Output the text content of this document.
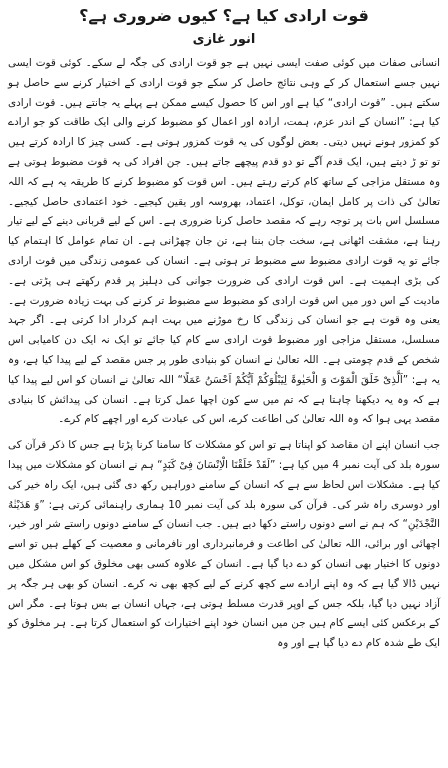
قوت ارادی کیا ہے؟ کیوں ضروری ہے؟
انور غازی

انسانی صفات میں کوئی صفت ایسی نہیں ہے جو قوت ارادی کی جگہ لے سکے۔ کوئی قوت ایسی نہیں جسے استعمال کر کے وہی نتائج حاصل کر سکے جو قوت ارادی کے اختیار کرنے سے حاصل ہو سکتے ہیں۔ ”قوت ارادی“ کیا ہے اور اس کا حصول کیسے ممکن ہے پہلے یہ جانتے ہیں۔ قوت ارادی کیا ہے: ”انسان کے اندر عزم، ہمت، ارادہ اور اعمال کو مضبوط کرنے والی ایک طاقت کو جو ارادے کو کمزور ہونے نہیں دیتی۔ بعض لوگوں کی یہ قوت کمزور ہوتی ہے۔ کسی چیز کا ارادہ کرتے ہیں تو تو ڑ دیتے ہیں، ایک قدم آگے تو دو قدم پیچھے جاتے ہیں۔ جن افراد کی یہ قوت مضبوط ہوتی ہے وہ مستقل مزاجی کے ساتھ کام کرتے رہتے ہیں۔ اس قوت کو مضبوط کرنے کا طریقہ یہ ہے کہ اللہ تعالیٰ کی ذات پر کامل ایمان، توکل، اعتماد، بھروسہ اور یقین کیجیے۔ خود اعتمادی حاصل کیجیے۔ مسلسل اس بات پر توجہ رہے کہ مقصد حاصل کرنا ضروری ہے۔ اس کے لیے قربانی دینے کے لیے تیار رہنا ہے، مشقت اٹھانی ہے، سخت جان بننا ہے، تن جان چھڑانی ہے۔ ان تمام عوامل کا اہتمام کیا جائے تو یہ قوت ارادی مضبوط سے مضبوط تر ہوتی ہے۔ انسان کی عمومی زندگی میں قوت ارادی کی بڑی اہمیت ہے۔ اس قوت ارادی کی ضرورت جوانی کی دہلیز پر قدم رکھتے ہی پڑتی ہے۔ مادیت کے اس دور میں اس قوت ارادی کو مضبوط سے مضبوط تر کرنے کی بہت زیادہ ضرورت ہے۔ یعنی وہ قوت ہے جو انسان کی زندگی کا رخ موڑنے میں بہت اہم کردار ادا کرتی ہے۔ اگر جہد مسلسل، مستقل مزاجی اور مضبوط قوت ارادی سے کام کیا جائے تو ایک نہ ایک دن کامیابی اس شخص کے قدم چومتی ہے۔ اللہ تعالیٰ نے انسان کو بنیادی طور پر جس مقصد کے لیے پیدا کیا ہے، وہ یہ ہے: ”اَلَّذِیْ خَلَقَ الْمَوْتَ وَ الْحَیٰوۃَ لِیَبْلُوَکُمْ اَیُّکُمْ اَحْسَنُ عَمَلًا“ اللہ تعالیٰ نے انسان کو اس لیے پیدا کیا ہے کہ وہ یہ دیکھنا چاہتا ہے کہ تم میں سے کون اچھا عمل کرتا ہے۔ انسان کی پیدائش کا بنیادی مقصد یہی ہوا کہ وہ اللہ تعالیٰ کی اطاعت کرے، اس کی عبادت کرے اور اچھے کام کرے۔

جب انسان اپنے ان مقاصد کو اپناتا ہے تو اس کو مشکلات کا سامنا کرنا پڑتا ہے جس کا ذکر قرآن کی سورہ بلد کی آیت نمبر 4 میں کیا ہے: ”لَقَدْ خَلَقْنَا الْاِنْسَانَ فِیْ کَبَدٍ“ ہم نے انسان کو مشکلات میں پیدا کیا ہے۔ مشکلات اس لحاظ سے ہے کہ انسان کے سامنے دوراہیں رکھ دی گئی ہیں، ایک راہ خیر کی اور دوسری راہ شر کی۔ قرآن کی سورہ بلد کی آیت نمبر 10 ہماری راہنمائی کرتی ہے: ”وَ ھَدَیْنٰهُ النَّجْدَیْنِ“ کہ ہم نے اسے دونوں راستے دکھا دیے ہیں۔ جب انسان کے سامنے دونوں راستے شر اور خیر، اچھائی اور برائی، اللہ تعالیٰ کی اطاعت و فرمانبرداری اور نافرمانی و معصیت کے کھلے ہیں تو اسے دونوں کا اختیار بھی انسان کو دے دیا گیا ہے۔ انسان کے علاوہ کسی بھی مخلوق کو اس مشکل میں نہیں ڈالا گیا ہے کہ وہ اپنے ارادے سے کچھ کرنے کے لیے کچھ بھی نہ کرے۔ انسان کو بھی ہر جگہ پر آزاد نہیں دیا گیا، بلکہ جس کے اوپر قدرت مسلط ہوتی ہے، جہاں انسان بے بس ہوتا ہے۔ مگر اس کے برعکس کئی ایسے کام ہیں جن میں انسان خود اپنے اختیارات کو استعمال کرتا ہے۔ ہر مخلوق کو ایک طے شدہ کام دے دیا گیا ہے اور وہ
